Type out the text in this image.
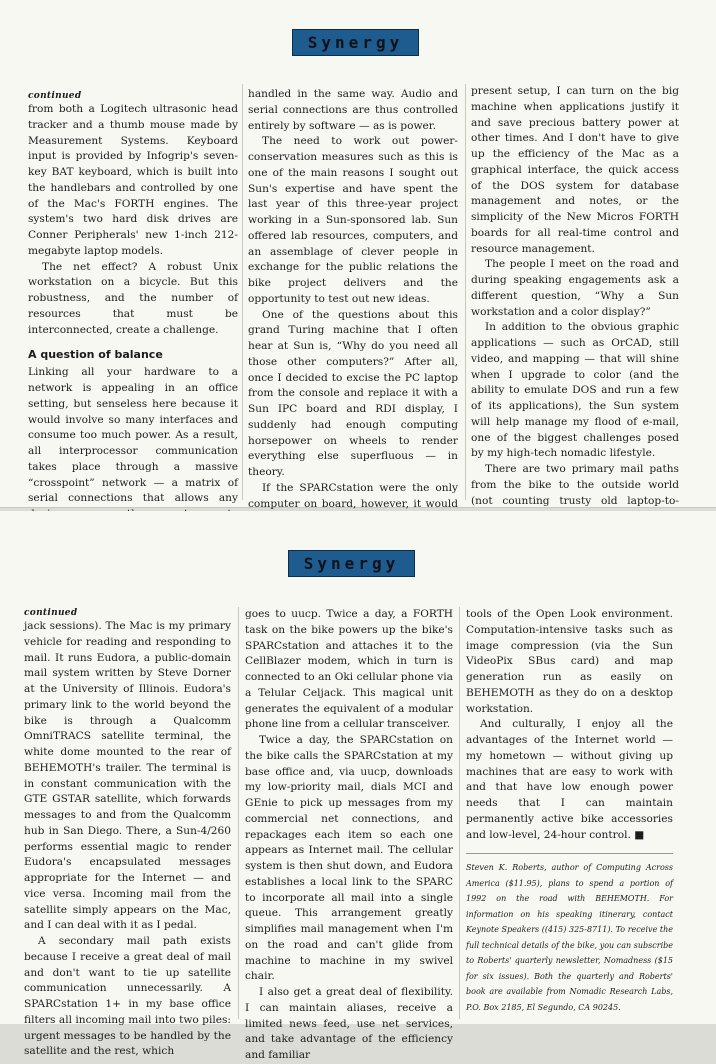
Synergy
continued

from both a Logitech ultrasonic head tracker and a thumb mouse made by Measurement Systems. Keyboard input is provided by Infogrip's seven-key BAT keyboard, which is built into the handlebars and controlled by one of the Mac's FORTH engines. The system's two hard disk drives are Conner Peripherals' new 1-inch 212-megabyte laptop models.

The net effect? A robust Unix workstation on a bicycle. But this robustness, and the number of resources that must be interconnected, create a challenge.

A question of balance

Linking all your hardware to a network is appealing in an office setting, but senseless here because it would involve so many interfaces and consume too much power. As a result, all interprocessor communication takes place through a massive “crosspoint” network — a matrix of serial connections that allows any

handled in the same way. Audio and serial connections are thus controlled entirely by software — as is power.

The need to work out power-conservation measures such as this is one of the main reasons I sought out Sun's expertise and have spent the last year of this three-year project working in a Sun-sponsored lab. Sun offered lab resources, computers, and an assemblage of clever people in exchange for the public relations the bike project delivers and the opportunity to test out new ideas.

One of the questions about this grand Turing machine that I often hear at Sun is, “Why do you need all those other computers?” After all, once I decided to excise the PC laptop from the console and replace it with a Sun IPC board and RDI display, I suddenly had enough computing horsepower on wheels to render everything else superfluous — in theory.

If the SPARCstation were the only computer on board, however, it would

present setup, I can turn on the big machine when applications justify it and save precious battery power at other times. And I don't have to give up the efficiency of the Mac as a graphical interface, the quick access of the DOS system for database management and notes, or the simplicity of the New Micros FORTH boards for all real-time control and resource management.

The people I meet on the road and during speaking engagements ask a different question, “Why a Sun workstation and a color display?”

In addition to the obvious graphic applications — such as OrCAD, still video, and mapping — that will shine when I upgrade to color (and the ability to emulate DOS and run a few of its applications), the Sun system will help manage my flood of e-mail, one of the biggest challenges posed by my high-tech nomadic lifestyle.

There are two primary mail paths from the bike to the outside world (not counting trusty old laptop-to-

Synergy
continued

jack sessions). The Mac is my primary vehicle for reading and responding to mail. It runs Eudora, a public-domain mail system written by Steve Dorner at the University of Illinois. Eudora's primary link to the world beyond the bike is through a Qualcomm OmniTRACS satellite terminal, the white dome mounted to the rear of BEHEMOTH's trailer. The terminal is in constant communication with the GTE GSTAR satellite, which forwards messages to and from the Qualcomm hub in San Diego. There, a Sun-4/260 performs essential magic to render Eudora's encapsulated messages appropriate for the Internet — and vice versa. Incoming mail from the satellite simply appears on the Mac, and I can deal with it as I pedal.

A secondary mail path exists because I receive a great deal of mail and don't want to tie up satellite communication unnecessarily. A SPARCstation 1+ in my base office filters all incoming mail into two piles: urgent messages to be handled by the satellite and the rest, which

goes to uucp. Twice a day, a FORTH task on the bike powers up the bike's SPARCstation and attaches it to the CellBlazer modem, which in turn is connected to an Oki cellular phone via a Telular Celjack. This magical unit generates the equivalent of a modular phone line from a cellular transceiver.

Twice a day, the SPARCstation on the bike calls the SPARCstation at my base office and, via uucp, downloads my low-priority mail, dials MCI and GEnie to pick up messages from my commercial net connections, and repackages each item so each one appears as Internet mail. The cellular system is then shut down, and Eudora establishes a local link to the SPARC to incorporate all mail into a single queue. This arrangement greatly simplifies mail management when I'm on the road and can't glide from machine to machine in my swivel chair.

I also get a great deal of flexibility. I can maintain aliases, receive a limited news feed, use net services, and take advantage of the efficiency and familiar

tools of the Open Look environment. Computation-intensive tasks such as image compression (via the Sun VideoPix SBus card) and map generation run as easily on BEHEMOTH as they do on a desktop workstation.

And culturally, I enjoy all the advantages of the Internet world — my hometown — without giving up machines that are easy to work with and that have low enough power needs that I can maintain permanently active bike accessories and low-level, 24-hour control. ■

Steven K. Roberts, author of Computing Across America ($11.95), plans to spend a portion of 1992 on the road with BEHEMOTH. For information on his speaking itinerary, contact Keynote Speakers ((415) 325-8711). To receive the full technical details of the bike, you can subscribe to Roberts' quarterly newsletter, Nomadness ($15 for six issues). Both the quarterly and Roberts' book are available from Nomadic Research Labs, P.O. Box 2185, El Segundo, CA 90245.
